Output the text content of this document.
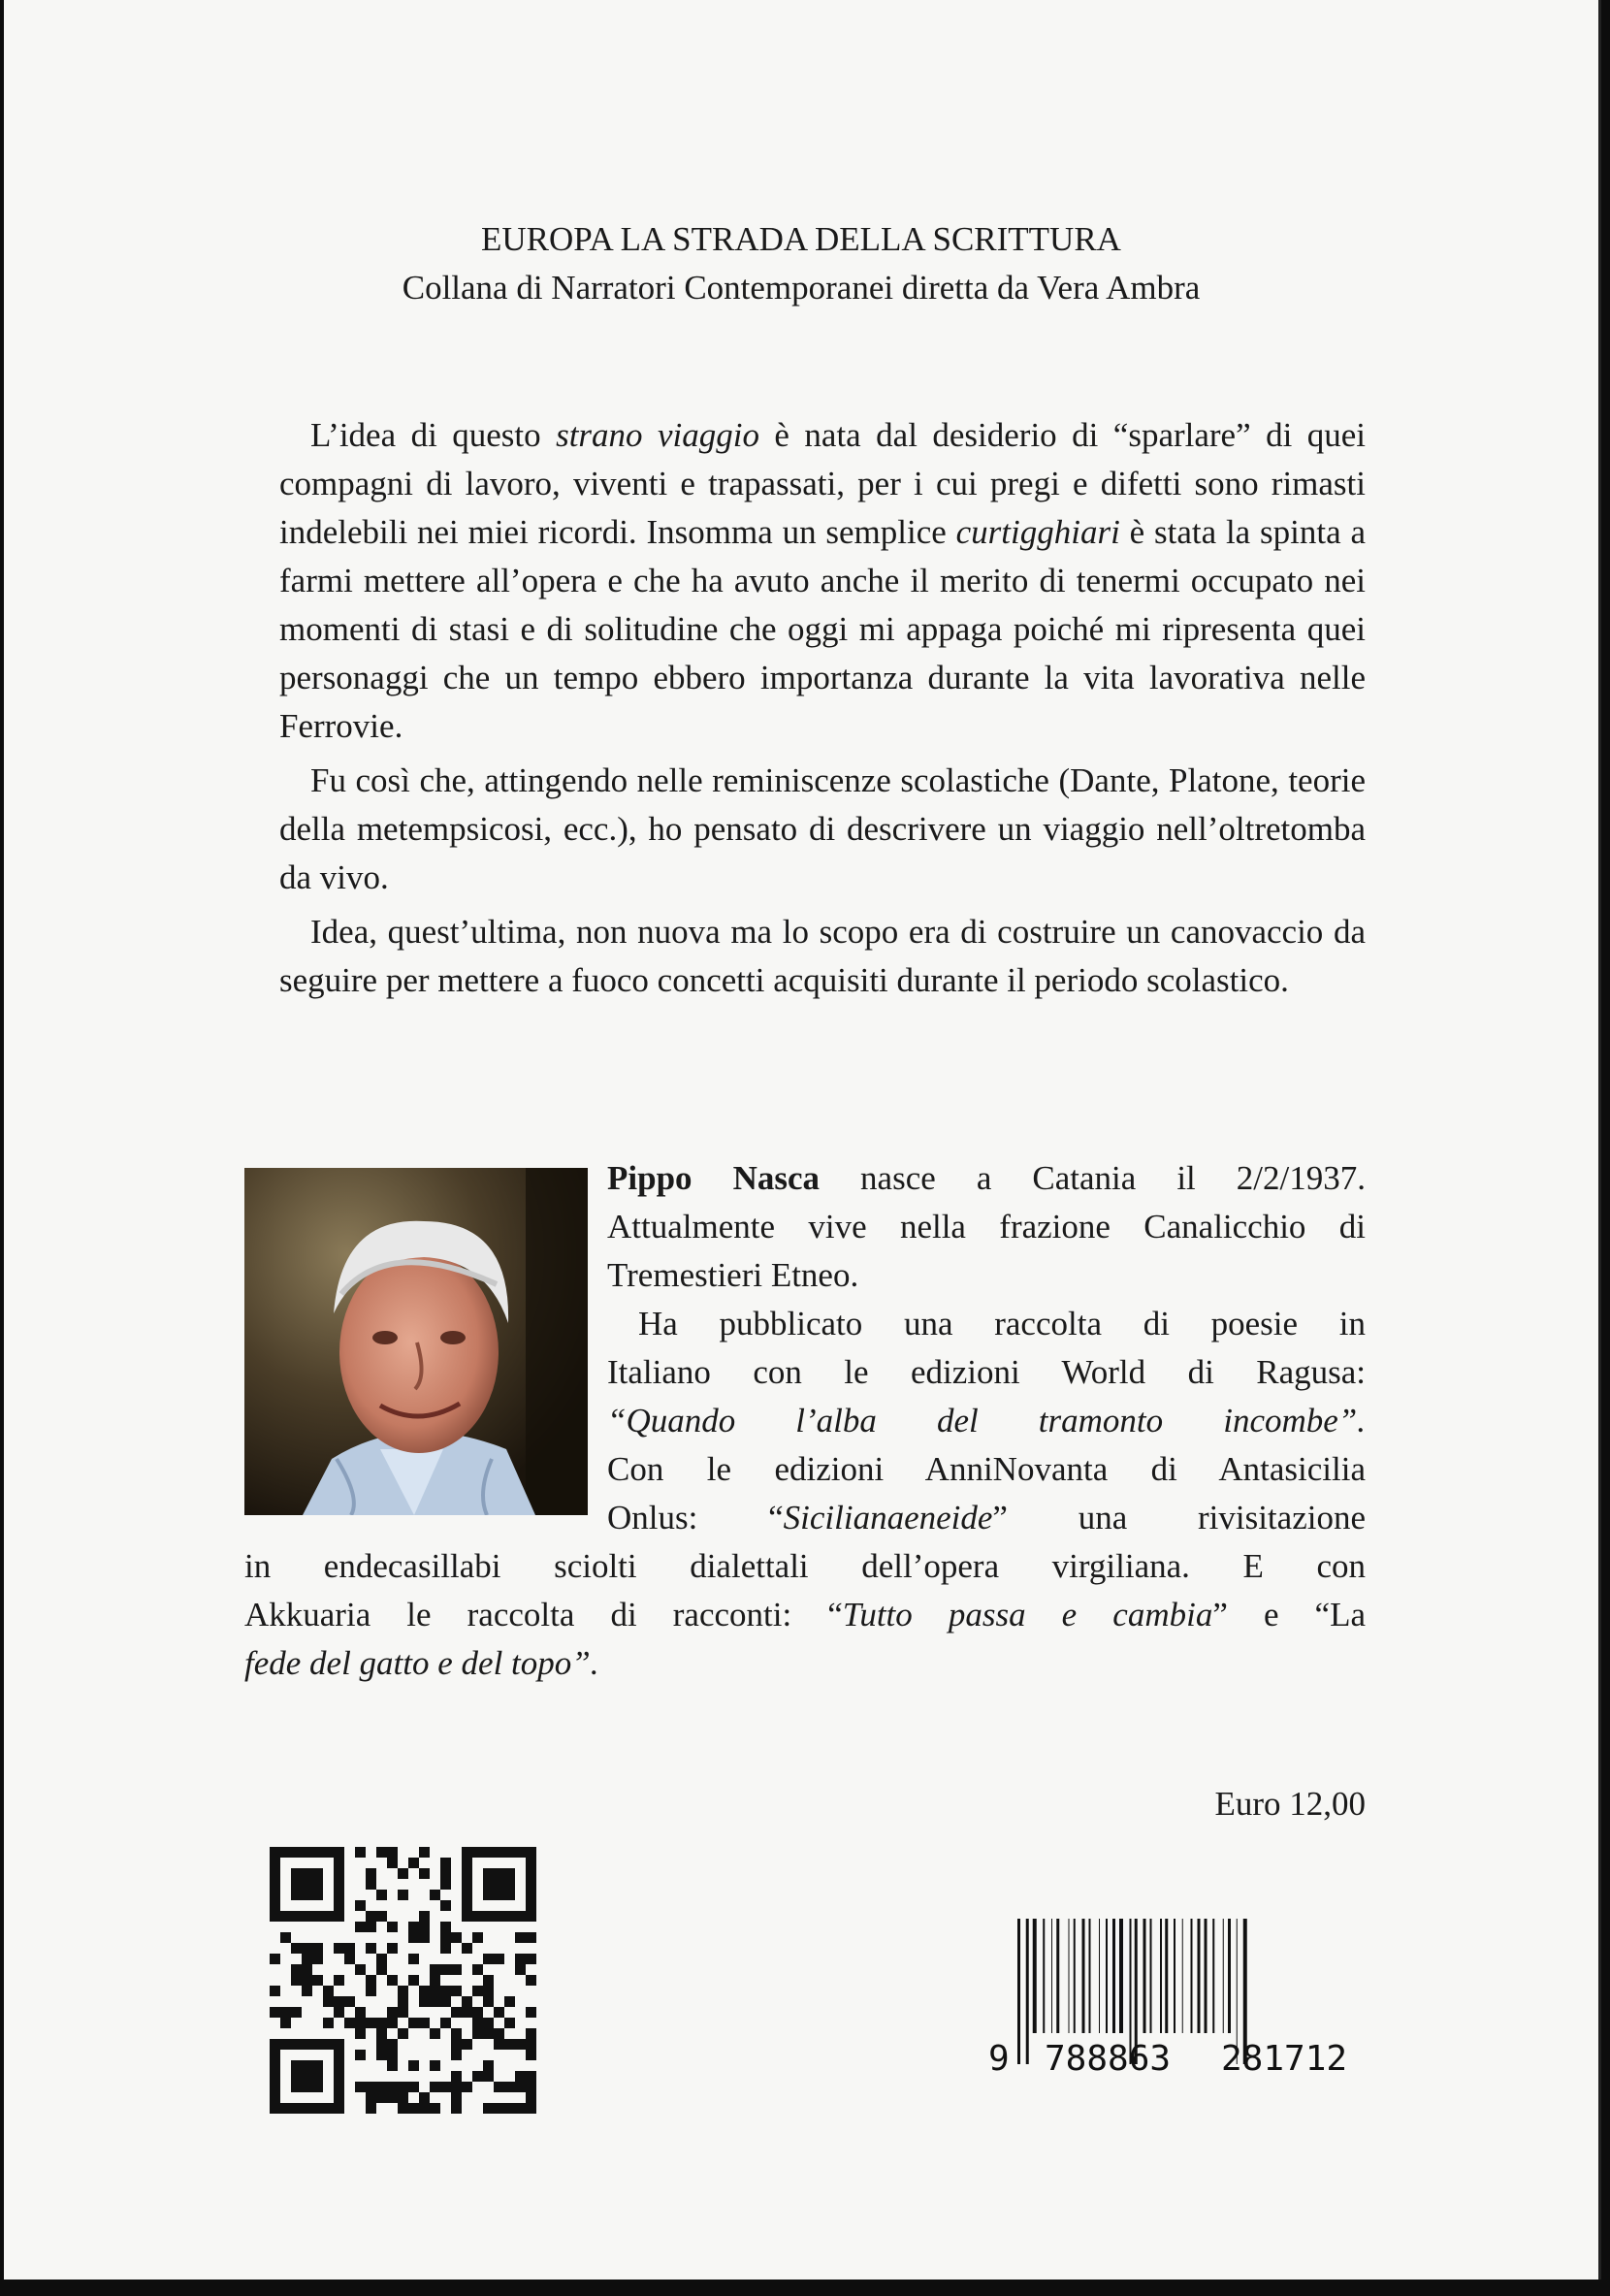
EUROPA LA STRADA DELLA SCRITTURA
Collana di Narratori Contemporanei diretta da Vera Ambra

L’idea di questo strano viaggio è nata dal desiderio di “sparlare” di quei compagni di lavoro, viventi e trapassati, per i cui pregi e difetti sono rimasti indelebili nei miei ricordi. Insomma un semplice curtigghiari è stata la spinta a farmi mettere all’opera e che ha avuto anche il merito di tenermi occupato nei momenti di stasi e di solitudine che oggi mi appaga poiché mi ripresenta quei personaggi che un tempo ebbero importanza durante la vita lavorativa nelle Ferrovie.

Fu così che, attingendo nelle reminiscenze scolastiche (Dante, Platone, teorie della metempsicosi, ecc.), ho pensato di descrivere un viaggio nell’oltretomba da vivo.

Idea, quest’ultima, non nuova ma lo scopo era di costruire un canovaccio da seguire per mettere a fuoco concetti acquisiti durante il periodo scolastico.

Pippo Nasca nasce a Catania il 2/2/1937.
Attualmente vive nella frazione Canalicchio di
Tremestieri Etneo.
Ha pubblicato una raccolta di poesie in
Italiano con le edizioni World di Ragusa:
“Quando l’alba del tramonto incombe”.
Con le edizioni AnniNovanta di Antasicilia
Onlus: “Sicilianaeneide” una rivisitazione
in endecasillabi sciolti dialettali dell’opera virgiliana. E con
Akkuaria le raccolta di racconti: “Tutto passa e cambia” e “La
fede del gatto e del topo”.
Euro 12,00
9 788863 281712
